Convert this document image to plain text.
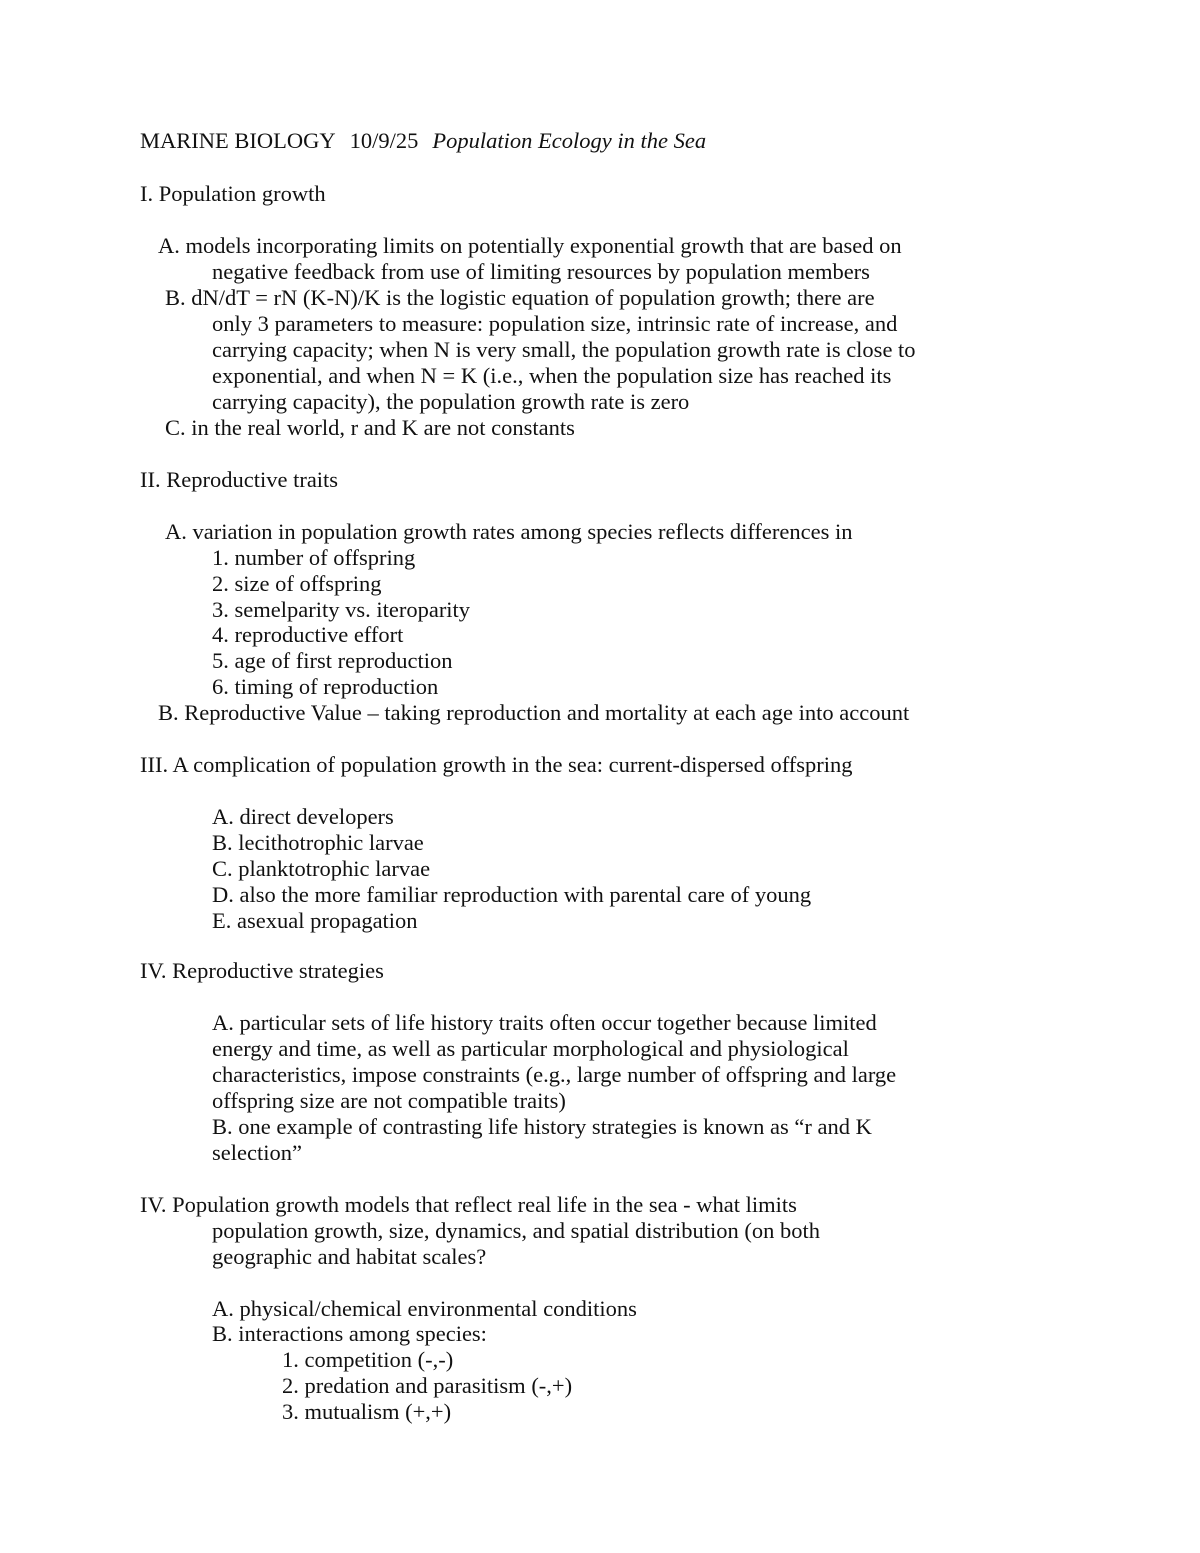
MARINE BIOLOGY 10/9/25 Population Ecology in the Sea
I. Population growth
A. models incorporating limits on potentially exponential growth that are based on
negative feedback from use of limiting resources by population members
B. dN/dT = rN (K-N)/K is the logistic equation of population growth; there are
only 3 parameters to measure: population size, intrinsic rate of increase, and
carrying capacity; when N is very small, the population growth rate is close to
exponential, and when N = K (i.e., when the population size has reached its
carrying capacity), the population growth rate is zero
C. in the real world, r and K are not constants
II. Reproductive traits
A. variation in population growth rates among species reflects differences in
1. number of offspring
2. size of offspring
3. semelparity vs. iteroparity
4. reproductive effort
5. age of first reproduction
6. timing of reproduction
B. Reproductive Value – taking reproduction and mortality at each age into account
III. A complication of population growth in the sea: current-dispersed offspring
A. direct developers
B. lecithotrophic larvae
C. planktotrophic larvae
D. also the more familiar reproduction with parental care of young
E. asexual propagation
IV. Reproductive strategies
A. particular sets of life history traits often occur together because limited
energy and time, as well as particular morphological and physiological
characteristics, impose constraints (e.g., large number of offspring and large
offspring size are not compatible traits)
B. one example of contrasting life history strategies is known as “r and K
selection”
IV. Population growth models that reflect real life in the sea - what limits
population growth, size, dynamics, and spatial distribution (on both
geographic and habitat scales?
A. physical/chemical environmental conditions
B. interactions among species:
1. competition (-,-)
2. predation and parasitism (-,+)
3. mutualism (+,+)
